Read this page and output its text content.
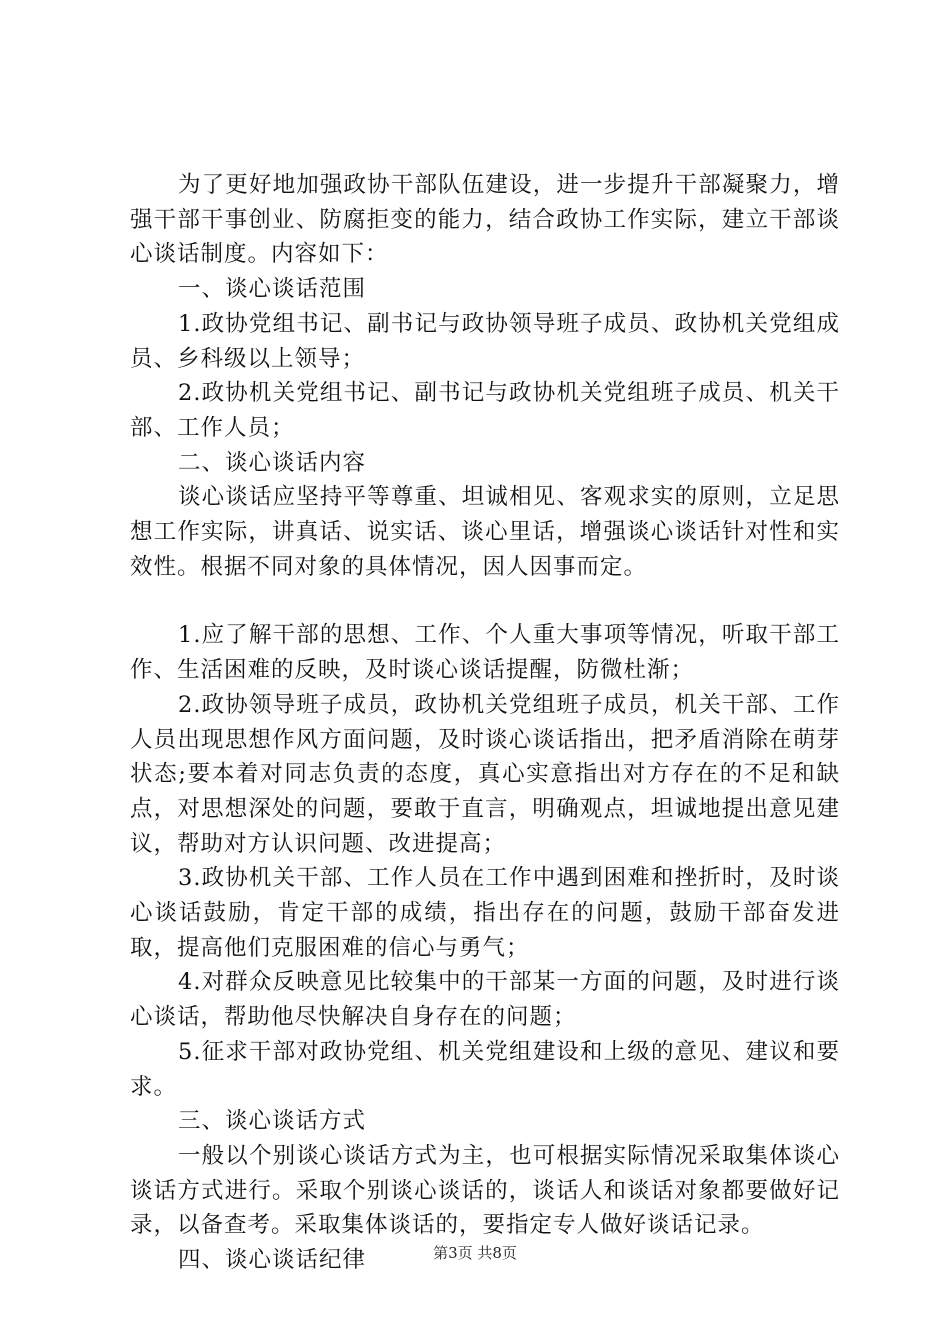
为了更好地加强政协干部队伍建设，进一步提升干部凝聚力，增强干部干事创业、防腐拒变的能力，结合政协工作实际，建立干部谈心谈话制度。内容如下：

一、谈心谈话范围

1.政协党组书记、副书记与政协领导班子成员、政协机关党组成员、乡科级以上领导；

2.政协机关党组书记、副书记与政协机关党组班子成员、机关干部、工作人员；

二、谈心谈话内容

谈心谈话应坚持平等尊重、坦诚相见、客观求实的原则，立足思想工作实际，讲真话、说实话、谈心里话，增强谈心谈话针对性和实效性。根据不同对象的具体情况，因人因事而定。

1.应了解干部的思想、工作、个人重大事项等情况，听取干部工作、生活困难的反映，及时谈心谈话提醒，防微杜渐；

2.政协领导班子成员，政协机关党组班子成员，机关干部、工作人员出现思想作风方面问题，及时谈心谈话指出，把矛盾消除在萌芽状态;要本着对同志负责的态度，真心实意指出对方存在的不足和缺点，对思想深处的问题，要敢于直言，明确观点，坦诚地提出意见建议，帮助对方认识问题、改进提高；

3.政协机关干部、工作人员在工作中遇到困难和挫折时，及时谈心谈话鼓励，肯定干部的成绩，指出存在的问题，鼓励干部奋发进取，提高他们克服困难的信心与勇气；

4.对群众反映意见比较集中的干部某一方面的问题，及时进行谈心谈话，帮助他尽快解决自身存在的问题；

5.征求干部对政协党组、机关党组建设和上级的意见、建议和要求。

三、谈心谈话方式

一般以个别谈心谈话方式为主，也可根据实际情况采取集体谈心谈话方式进行。采取个别谈心谈话的，谈话人和谈话对象都要做好记录，以备查考。采取集体谈话的，要指定专人做好谈话记录。

四、谈心谈话纪律	第3页 共8页
